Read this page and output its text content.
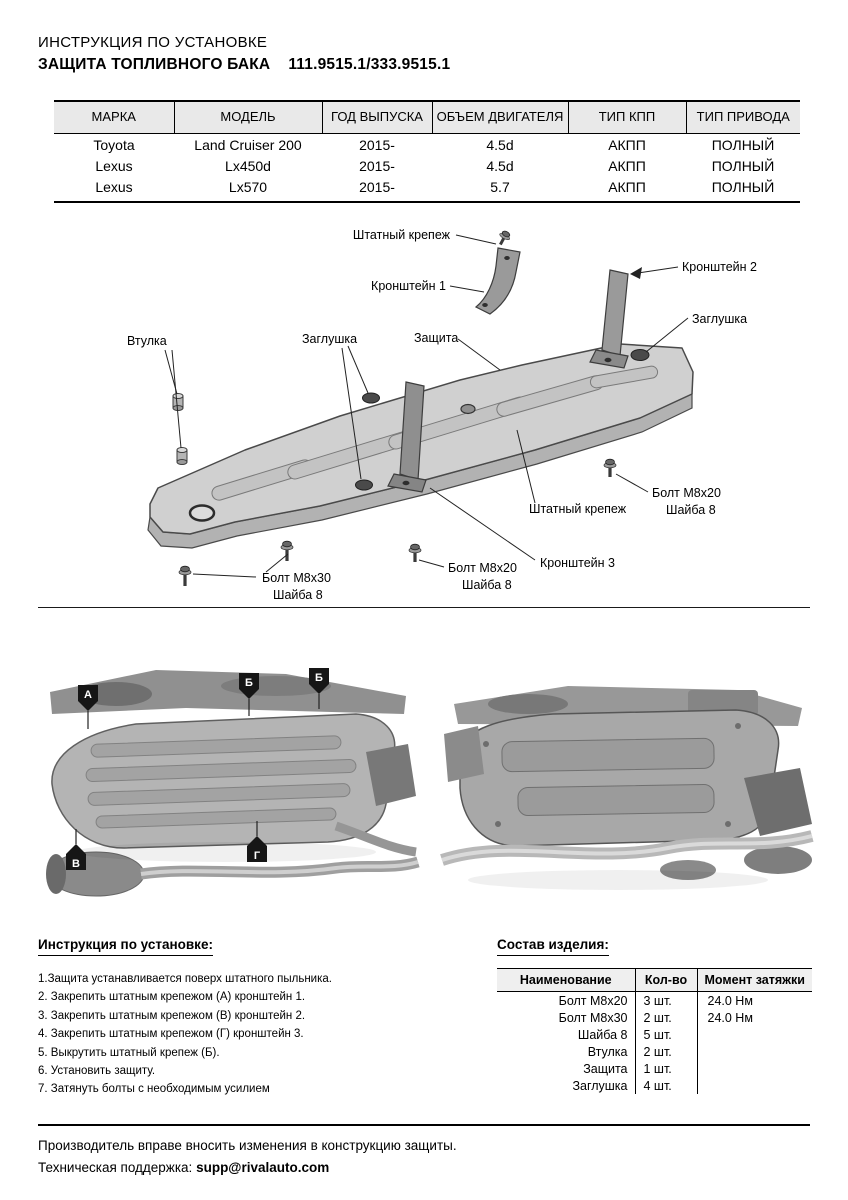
ИНСТРУКЦИЯ ПО УСТАНОВКЕ
ЗАЩИТА ТОПЛИВНОГО БАКА 111.9515.1/333.9515.1
МАРКА	МОДЕЛЬ	ГОД ВЫПУСКА	ОБЪЕМ ДВИГАТЕЛЯ	ТИП КПП	ТИП ПРИВОДА
Toyota	Land Cruiser 200	2015-	4.5d	АКПП	ПОЛНЫЙ
Lexus	Lx450d	2015-	4.5d	АКПП	ПОЛНЫЙ
Lexus	Lx570	2015-	5.7	АКПП	ПОЛНЫЙ
Штатный крепеж
Кронштейн 1
Кронштейн 2
Заглушка
Втулка	Заглушка	Защита
Штатный крепеж
Болт М8х20
Шайба 8
Кронштейн 3
Болт М8х20
Шайба 8
Болт М8х30
Шайба 8
А
Б	Б
В
Г
Инструкция по установке:
1.Защита устанавливается поверх штатного пыльника.
2. Закрепить штатным крепежом (А) кронштейн 1.
3. Закрепить штатным крепежом (В) кронштейн 2.
4. Закрепить штатным крепежом (Г) кронштейн 3.
5. Выкрутить штатный крепеж (Б).
6. Установить защиту.
7. Затянуть болты с необходимым усилием
Состав изделия:
Наименование	Кол-во	Момент затяжки
Болт М8х20	3 шт.	24.0 Нм
Болт М8х30	2 шт.	24.0 Нм
Шайба 8	5 шт.	
Втулка	2 шт.	
Защита	1 шт.	
Заглушка	4 шт.	
Производитель вправе вносить изменения в конструкцию защиты.
Техническая поддержка: supp@rivalauto.com
